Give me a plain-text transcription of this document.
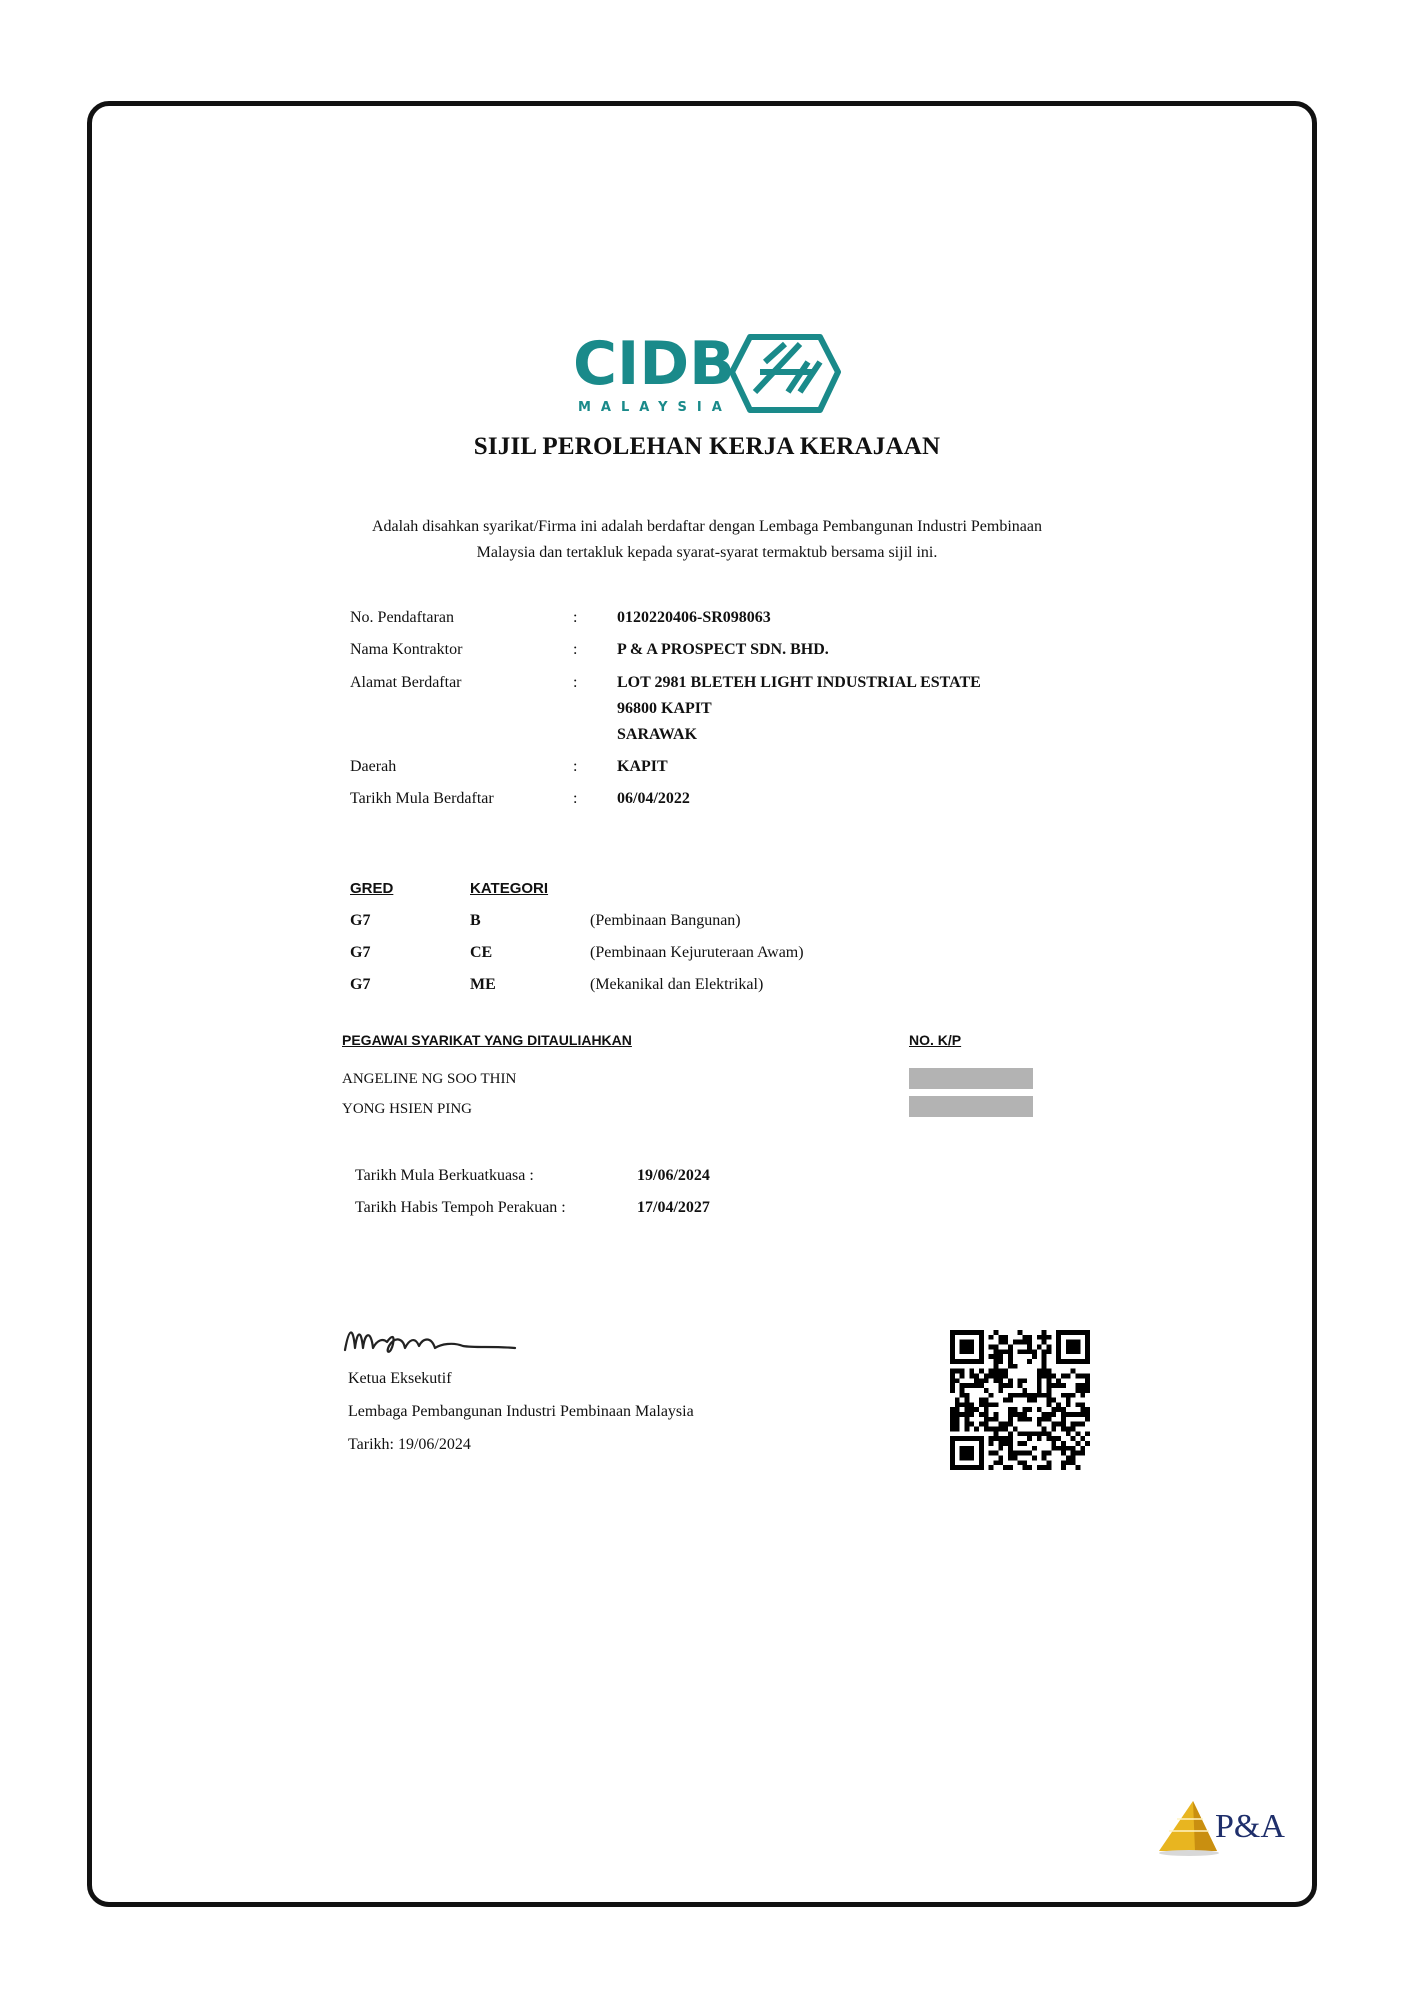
CIDB
MALAYSIA
SIJIL PEROLEHAN KERJA KERAJAAN
Adalah disahkan syarikat/Firma ini adalah berdaftar dengan Lembaga Pembangunan Industri Pembinaan
Malaysia dan tertakluk kepada syarat-syarat termaktub bersama sijil ini.
No. Pendaftaran	: 0120220406-SR098063
Nama Kontraktor	: P & A PROSPECT SDN. BHD.
Alamat Berdaftar	: LOT 2981 BLETEH LIGHT INDUSTRIAL ESTATE
96800 KAPIT
SARAWAK
Daerah	: KAPIT
Tarikh Mula Berdaftar	: 06/04/2022
GRED	KATEGORI
G7	B	(Pembinaan Bangunan)
G7	CE	(Pembinaan Kejuruteraan Awam)
G7	ME	(Mekanikal dan Elektrikal)
PEGAWAI SYARIKAT YANG DITAULIAHKAN	NO. K/P
ANGELINE NG SOO THIN
YONG HSIEN PING
Tarikh Mula Berkuatkuasa :	19/06/2024
Tarikh Habis Tempoh Perakuan :	17/04/2027
Ketua Eksekutif
Lembaga Pembangunan Industri Pembinaan Malaysia
Tarikh: 19/06/2024
P&A
